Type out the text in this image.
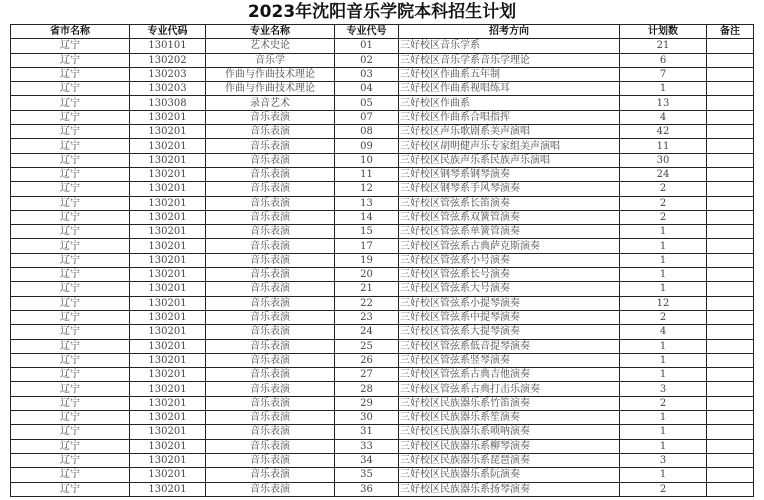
2023年沈阳音乐学院本科招生计划
省市名称	专业代码	专业名称	专业代号	招考方向	计划数	备注
辽宁	130101	艺术史论	01	三好校区音乐学系	21	
辽宁	130202	音乐学	02	三好校区音乐学系音乐学理论	6	
辽宁	130203	作曲与作曲技术理论	03	三好校区作曲系五年制	7	
辽宁	130203	作曲与作曲技术理论	04	三好校区作曲系视唱练耳	1	
辽宁	130308	录音艺术	05	三好校区作曲系	13	
辽宁	130201	音乐表演	07	三好校区作曲系合唱指挥	4	
辽宁	130201	音乐表演	08	三好校区声乐歌剧系美声演唱	42	
辽宁	130201	音乐表演	09	三好校区胡明健声乐专家组美声演唱	11	
辽宁	130201	音乐表演	10	三好校区民族声乐系民族声乐演唱	30	
辽宁	130201	音乐表演	11	三好校区钢琴系钢琴演奏	24	
辽宁	130201	音乐表演	12	三好校区钢琴系手风琴演奏	2	
辽宁	130201	音乐表演	13	三好校区管弦系长笛演奏	2	
辽宁	130201	音乐表演	14	三好校区管弦系双簧管演奏	2	
辽宁	130201	音乐表演	15	三好校区管弦系单簧管演奏	1	
辽宁	130201	音乐表演	17	三好校区管弦系古典萨克斯演奏	1	
辽宁	130201	音乐表演	19	三好校区管弦系小号演奏	1	
辽宁	130201	音乐表演	20	三好校区管弦系长号演奏	1	
辽宁	130201	音乐表演	21	三好校区管弦系大号演奏	1	
辽宁	130201	音乐表演	22	三好校区管弦系小提琴演奏	12	
辽宁	130201	音乐表演	23	三好校区管弦系中提琴演奏	2	
辽宁	130201	音乐表演	24	三好校区管弦系大提琴演奏	4	
辽宁	130201	音乐表演	25	三好校区管弦系低音提琴演奏	1	
辽宁	130201	音乐表演	26	三好校区管弦系竖琴演奏	1	
辽宁	130201	音乐表演	27	三好校区管弦系古典吉他演奏	1	
辽宁	130201	音乐表演	28	三好校区管弦系古典打击乐演奏	3	
辽宁	130201	音乐表演	29	三好校区民族器乐系竹笛演奏	2	
辽宁	130201	音乐表演	30	三好校区民族器乐系笙演奏	1	
辽宁	130201	音乐表演	31	三好校区民族器乐系唢呐演奏	1	
辽宁	130201	音乐表演	33	三好校区民族器乐系柳琴演奏	1	
辽宁	130201	音乐表演	34	三好校区民族器乐系琵琶演奏	3	
辽宁	130201	音乐表演	35	三好校区民族器乐系阮演奏	1	
辽宁	130201	音乐表演	36	三好校区民族器乐系扬琴演奏	2	
